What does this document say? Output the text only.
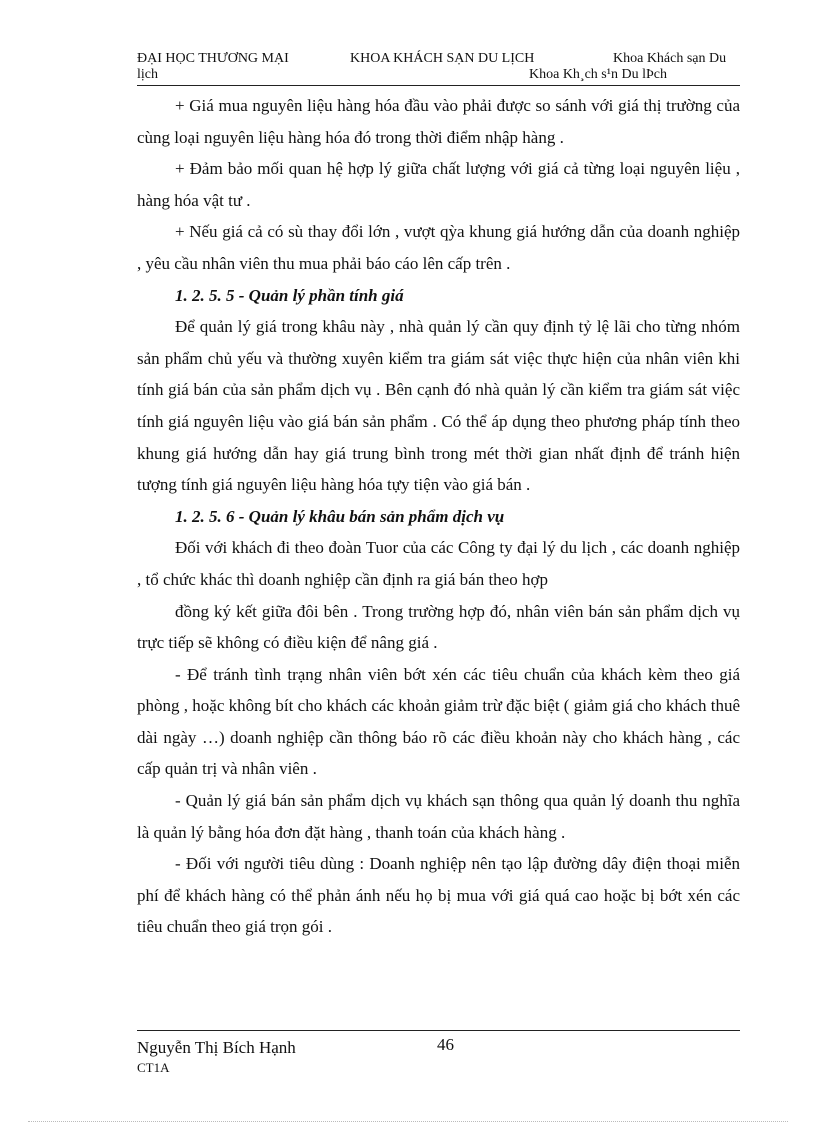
ĐẠI HỌC THƯƠNG MẠI	KHOA KHÁCH SẠN DU LỊCH	Khoa Khách sạn Du
lịch	Khoa Kh¸ch s¹n Du lÞch

+ Giá mua nguyên liệu hàng hóa đầu vào phải được so sánh với giá thị trường của cùng loại nguyên liệu hàng hóa đó trong thời điểm nhập hàng .

+ Đảm bảo mối quan hệ hợp lý giữa chất lượng với giá cả từng loại nguyên liệu , hàng hóa vật tư .

+ Nếu giá cả có sù thay đổi lớn , vượt qỳa khung giá hướng dẫn của doanh nghiệp , yêu cầu nhân viên thu mua phải báo cáo lên cấp trên .

1. 2. 5. 5 - Quản lý phần tính giá

Để quản lý giá trong khâu này , nhà quản lý cần quy định tỷ lệ lãi cho từng nhóm sản phẩm chủ yếu và thường xuyên kiểm tra giám sát việc thực hiện của nhân viên khi tính giá bán của sản phẩm dịch vụ . Bên cạnh đó nhà quản lý cần kiểm tra giám sát việc tính giá nguyên liệu vào giá bán sản phẩm . Có thể áp dụng theo phương pháp tính theo khung giá hướng dẫn hay giá trung bình trong mét thời gian nhất định để tránh hiện tượng tính giá nguyên liệu hàng hóa tựy tiện vào giá bán .

1. 2. 5. 6 - Quản lý khâu bán sản phẩm dịch vụ

Đối với khách đi theo đoàn Tuor của các Công ty đại lý du lịch , các doanh nghiệp , tổ chức khác thì doanh nghiệp cần định ra giá bán theo hợp

đồng ký kết giữa đôi bên . Trong trường hợp đó, nhân viên bán sản phẩm dịch vụ trực tiếp sẽ không có điều kiện để nâng giá .

- Để tránh tình trạng nhân viên bớt xén các tiêu chuẩn của khách kèm theo giá phòng , hoặc không bít cho khách các khoản giảm trừ đặc biệt ( giảm giá cho khách thuê dài ngày …) doanh nghiệp cần thông báo rõ các điều khoản này cho khách hàng , các cấp quản trị và nhân viên .

- Quản lý giá bán sản phẩm dịch vụ khách sạn thông qua quản lý doanh thu nghĩa là quản lý bằng hóa đơn đặt hàng , thanh toán của khách hàng .

- Đối với người tiêu dùng : Doanh nghiệp nên tạo lập đường dây điện thoại miễn phí để khách hàng có thể phản ánh nếu họ bị mua với giá quá cao hoặc bị bớt xén các tiêu chuẩn theo giá trọn gói .

Nguyễn Thị Bích Hạnh
CT1A
46
